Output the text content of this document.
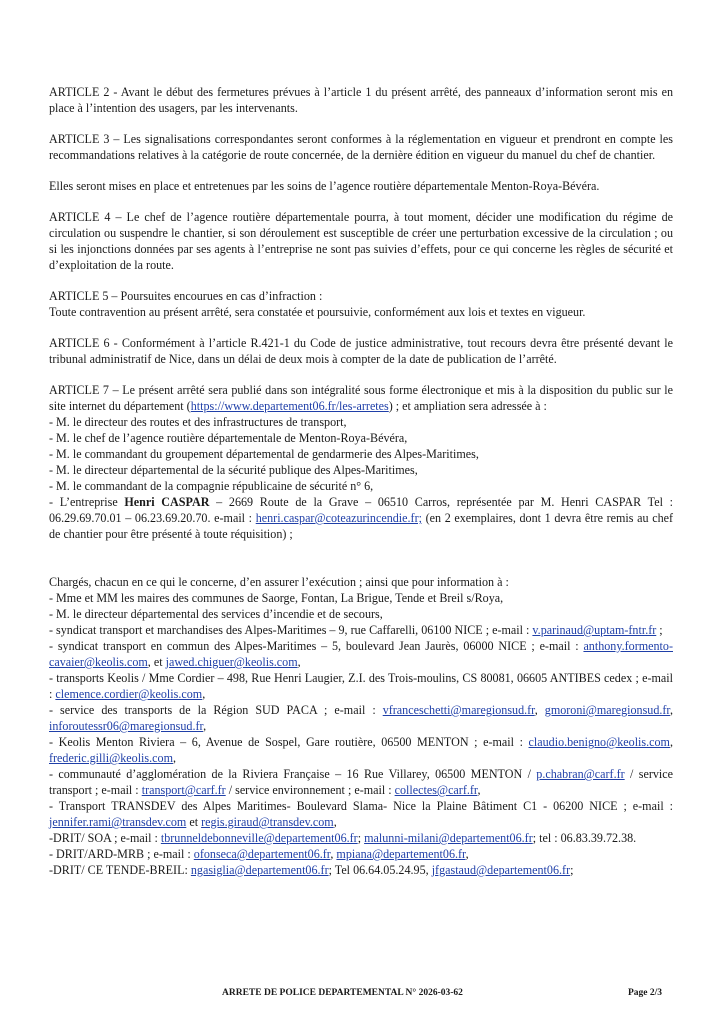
ARTICLE 2 - Avant le début des fermetures prévues à l’article 1 du présent arrêté, des panneaux d’information seront mis en place à l’intention des usagers, par les intervenants.

ARTICLE 3 – Les signalisations correspondantes seront conformes à la réglementation en vigueur et prendront en compte les recommandations relatives à la catégorie de route concernée, de la dernière édition en vigueur du manuel du chef de chantier.

Elles seront mises en place et entretenues par les soins de l’agence routière départementale Menton-Roya-Bévéra.

ARTICLE 4 – Le chef de l’agence routière départementale pourra, à tout moment, décider une modification du régime de circulation ou suspendre le chantier, si son déroulement est susceptible de créer une perturbation excessive de la circulation ; ou si les injonctions données par ses agents à l’entreprise ne sont pas suivies d’effets, pour ce qui concerne les règles de sécurité et d’exploitation de la route.

ARTICLE 5 – Poursuites encourues en cas d’infraction :
Toute contravention au présent arrêté, sera constatée et poursuivie, conformément aux lois et textes en vigueur.

ARTICLE 6 - Conformément à l’article R.421-1 du Code de justice administrative, tout recours devra être présenté devant le tribunal administratif de Nice, dans un délai de deux mois à compter de la date de publication de l’arrêté.

ARTICLE 7 – Le présent arrêté sera publié dans son intégralité sous forme électronique et mis à la disposition du public sur le site internet du département (https://www.departement06.fr/les-arretes) ; et ampliation sera adressée à :

- M. le directeur des routes et des infrastructures de transport,
- M. le chef de l’agence routière départementale de Menton-Roya-Bévéra,
- M. le commandant du groupement départemental de gendarmerie des Alpes-Maritimes,
- M. le directeur départemental de la sécurité publique des Alpes-Maritimes,
- M. le commandant de la compagnie républicaine de sécurité n° 6,
- L’entreprise Henri CASPAR – 2669 Route de la Grave – 06510 Carros, représentée par M. Henri CASPAR Tel : 06.29.69.70.01 – 06.23.69.20.70. e-mail : henri.caspar@coteazurincendie.fr; (en 2 exemplaires, dont 1 devra être remis au chef de chantier pour être présenté à toute réquisition) ;

Chargés, chacun en ce qui le concerne, d’en assurer l’exécution ; ainsi que pour information à :

- Mme et MM les maires des communes de Saorge, Fontan, La Brigue, Tende et Breil s/Roya,
- M. le directeur départemental des services d’incendie et de secours,
- syndicat transport et marchandises des Alpes-Maritimes – 9, rue Caffarelli, 06100 NICE ; e-mail : v.parinaud@uptam-fntr.fr ;
- syndicat transport en commun des Alpes-Maritimes – 5, boulevard Jean Jaurès, 06000 NICE ; e-mail : anthony.formento-cavaier@keolis.com, et jawed.chiguer@keolis.com,
- transports Keolis / Mme Cordier – 498, Rue Henri Laugier, Z.I. des Trois-moulins, CS 80081, 06605 ANTIBES cedex ; e-mail : clemence.cordier@keolis.com,
- service des transports de la Région SUD PACA ; e-mail : vfranceschetti@maregionsud.fr, gmoroni@maregionsud.fr, inforoutessr06@maregionsud.fr,
- Keolis Menton Riviera – 6, Avenue de Sospel, Gare routière, 06500 MENTON ; e-mail : claudio.benigno@keolis.com, frederic.gilli@keolis.com,
- communauté d’agglomération de la Riviera Française – 16 Rue Villarey, 06500 MENTON / p.chabran@carf.fr / service transport ; e-mail : transport@carf.fr / service environnement ; e-mail : collectes@carf.fr,
- Transport TRANSDEV des Alpes Maritimes- Boulevard Slama- Nice la Plaine Bâtiment C1 - 06200 NICE ; e-mail : jennifer.rami@transdev.com et regis.giraud@transdev.com,
-DRIT/ SOA ; e-mail : tbrunneldebonneville@departement06.fr; malunni-milani@departement06.fr; tel : 06.83.39.72.38.
- DRIT/ARD-MRB ; e-mail : ofonseca@departement06.fr, mpiana@departement06.fr,
-DRIT/ CE TENDE-BREIL: ngasiglia@departement06.fr; Tel 06.64.05.24.95, jfgastaud@departement06.fr;
ARRETE DE POLICE DEPARTEMENTAL N° 2026-03-62	Page 2/3
